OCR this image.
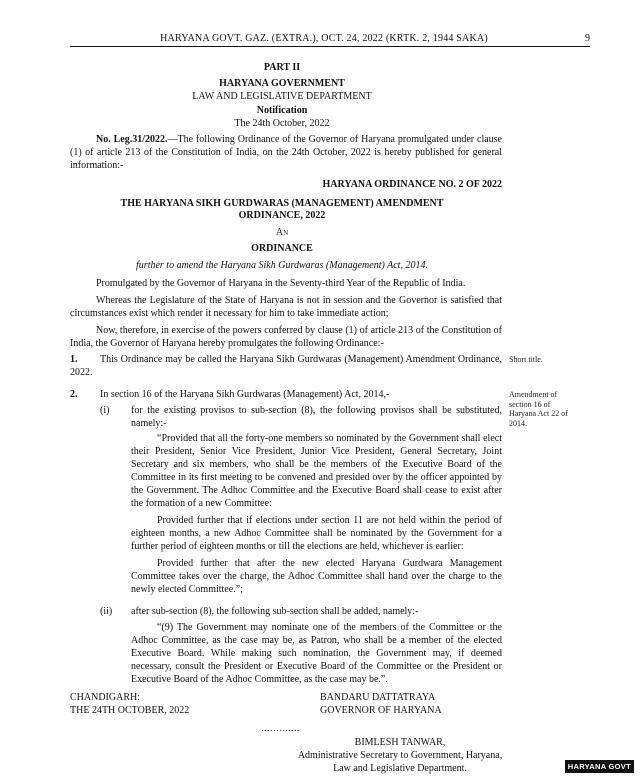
HARYANA GOVT. GAZ. (EXTRA.), OCT. 24, 2022 (KRTK. 2, 1944 SAKA)	9
PART II
HARYANA GOVERNMENT
LAW AND LEGISLATIVE DEPARTMENT
Notification
The 24th October, 2022

No. Leg.31/2022.—The following Ordinance of the Governor of Haryana promulgated under clause (1) of article 213 of the Constitution of India, on the 24th October, 2022 is hereby published for general information:-

HARYANA ORDINANCE NO. 2 OF 2022
THE HARYANA SIKH GURDWARAS (MANAGEMENT) AMENDMENT
ORDINANCE, 2022
An
ORDINANCE
further to amend the Haryana Sikh Gurdwaras (Management) Act, 2014.

Promulgated by the Governor of Haryana in the Seventy-third Year of the Republic of India.

Whereas the Legislature of the State of Haryana is not in session and the Governor is satisfied that circumstances exist which render it necessary for him to take immediate action;

Now, therefore, in exercise of the powers conferred by clause (1) of article 213 of the Constitution of India, the Governor of Haryana hereby promulgates the following Ordinance:-

1. This Ordinance may be called the Haryana Sikh Gurdwaras (Management) Amendment Ordinance, 2022.

Short title.

2. In section 16 of the Haryana Sikh Gurdwaras (Management) Act, 2014,-	Amendment of section 16 of Haryana Act 22 of 2014.
(i)	for the existing provisos to sub-section (8), the following provisos shall be substituted, namely:-

“Provided that all the forty-one members so nominated by the Government shall elect their President, Senior Vice President, Junior Vice President, General Secretary, Joint Secretary and six members, who shall be the members of the Executive Board of the Committee in its first meeting to be convened and presided over by the officer appointed by the Government. The Adhoc Committee and the Executive Board shall cease to exist after the formation of a new Committee:

Provided further that if elections under section 11 are not held within the period of eighteen months, a new Adhoc Committee shall be nominated by the Government for a further period of eighteen months or till the elections are held, whichever is earlier:

Provided further that after the new elected Haryana Gurdwara Management Committee takes over the charge, the Adhoc Committee shall hand over the charge to the newly elected Committee.”;

(ii)	after sub-section (8), the following sub-section shall be added, namely:-

“(9) The Government may nominate one of the members of the Committee or the Adhoc Committee, as the case may be, as Patron, who shall be a member of the elected Executive Board. While making such nomination, the Government may, if deemed necessary, consult the President or Executive Board of the Committee or the President or Executive Board of the Adhoc Committee, as the case may be.”.

CHANDIGARH:

THE 24TH OCTOBER, 2022

BANDARU DATTATRAYA

GOVERNOR OF HARYANA

………….

BIMLESH TANWAR,

Administrative Secretary to Government, Haryana,

Law and Legislative Department.	HARYANA GOVT
